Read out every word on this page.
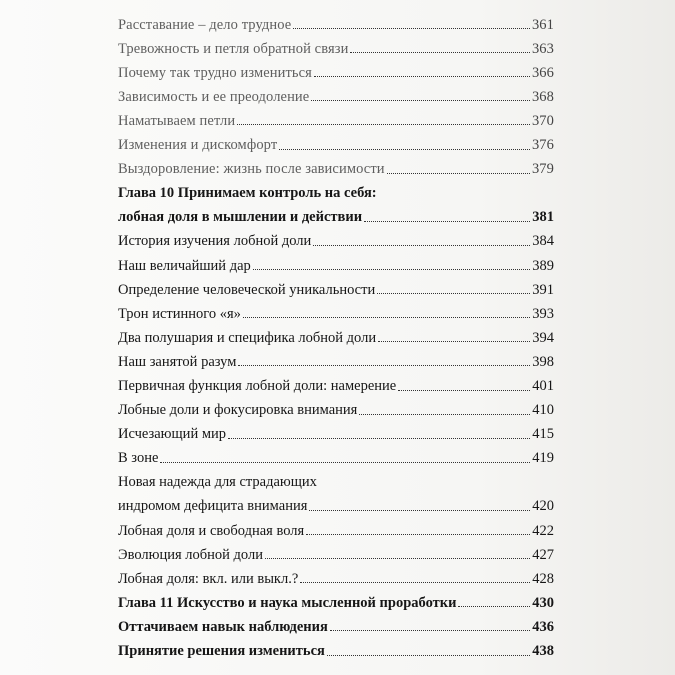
Расставание – дело трудное	361
Тревожность и петля обратной связи	363
Почему так трудно измениться	366
Зависимость и ее преодоление	368
Наматываем петли	370
Изменения и дискомфорт	376
Выздоровление: жизнь после зависимости	379
Глава 10 Принимаем контроль на себя:
лобная доля в мышлении и действии	381
История изучения лобной доли	384
Наш величайший дар	389
Определение человеческой уникальности	391
Трон истинного «я»	393
Два полушария и специфика лобной доли	394
Наш занятой разум	398
Первичная функция лобной доли: намерение	401
Лобные доли и фокусировка внимания	410
Исчезающий мир	415
В зоне	419
Новая надежда для страдающих
индромом дефицита внимания	420
Лобная доля и свободная воля	422
Эволюция лобной доли	427
Лобная доля: вкл. или выкл.?	428
Глава 11 Искусство и наука мысленной проработки	430
Оттачиваем навык наблюдения	436
Принятие решения измениться	438
